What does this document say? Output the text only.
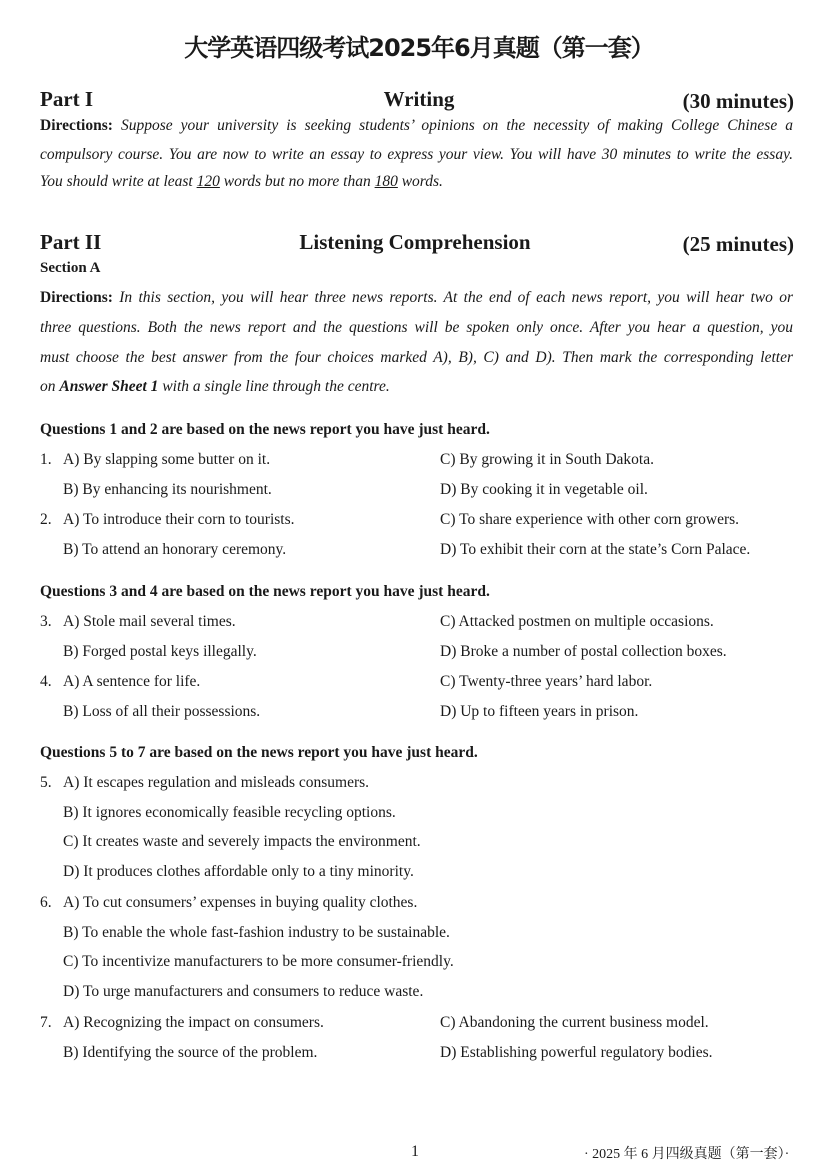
大学英语四级考试2025年6月真题（第一套）
Part I	Writing	(30 minutes)
Directions: Suppose your university is seeking students’ opinions on the necessity of making College Chinese a
compulsory course. You are now to write an essay to express your view. You will have 30 minutes to write the essay.
You should write at least 120 words but no more than 180 words.
Part II	Listening Comprehension	(25 minutes)
Section A
Directions: In this section, you will hear three news reports. At the end of each news report, you will hear two or
three questions. Both the news report and the questions will be spoken only once. After you hear a question, you
must choose the best answer from the four choices marked A), B), C) and D). Then mark the corresponding letter
on Answer Sheet 1 with a single line through the centre.
Questions 1 and 2 are based on the news report you have just heard.
1. A) By slapping some butter on it.	C) By growing it in South Dakota.
B) By enhancing its nourishment.	D) By cooking it in vegetable oil.
2. A) To introduce their corn to tourists.	C) To share experience with other corn growers.
B) To attend an honorary ceremony.	D) To exhibit their corn at the state’s Corn Palace.
Questions 3 and 4 are based on the news report you have just heard.
3. A) Stole mail several times.	C) Attacked postmen on multiple occasions.
B) Forged postal keys illegally.	D) Broke a number of postal collection boxes.
4. A) A sentence for life.	C) Twenty-three years’ hard labor.
B) Loss of all their possessions.	D) Up to fifteen years in prison.
Questions 5 to 7 are based on the news report you have just heard.
5. A) It escapes regulation and misleads consumers.
B) It ignores economically feasible recycling options.
C) It creates waste and severely impacts the environment.
D) It produces clothes affordable only to a tiny minority.
6. A) To cut consumers’ expenses in buying quality clothes.
B) To enable the whole fast-fashion industry to be sustainable.
C) To incentivize manufacturers to be more consumer-friendly.
D) To urge manufacturers and consumers to reduce waste.
7. A) Recognizing the impact on consumers.	C) Abandoning the current business model.
B) Identifying the source of the problem.	D) Establishing powerful regulatory bodies.
1	· 2025 年 6 月四级真题（第一套）·
